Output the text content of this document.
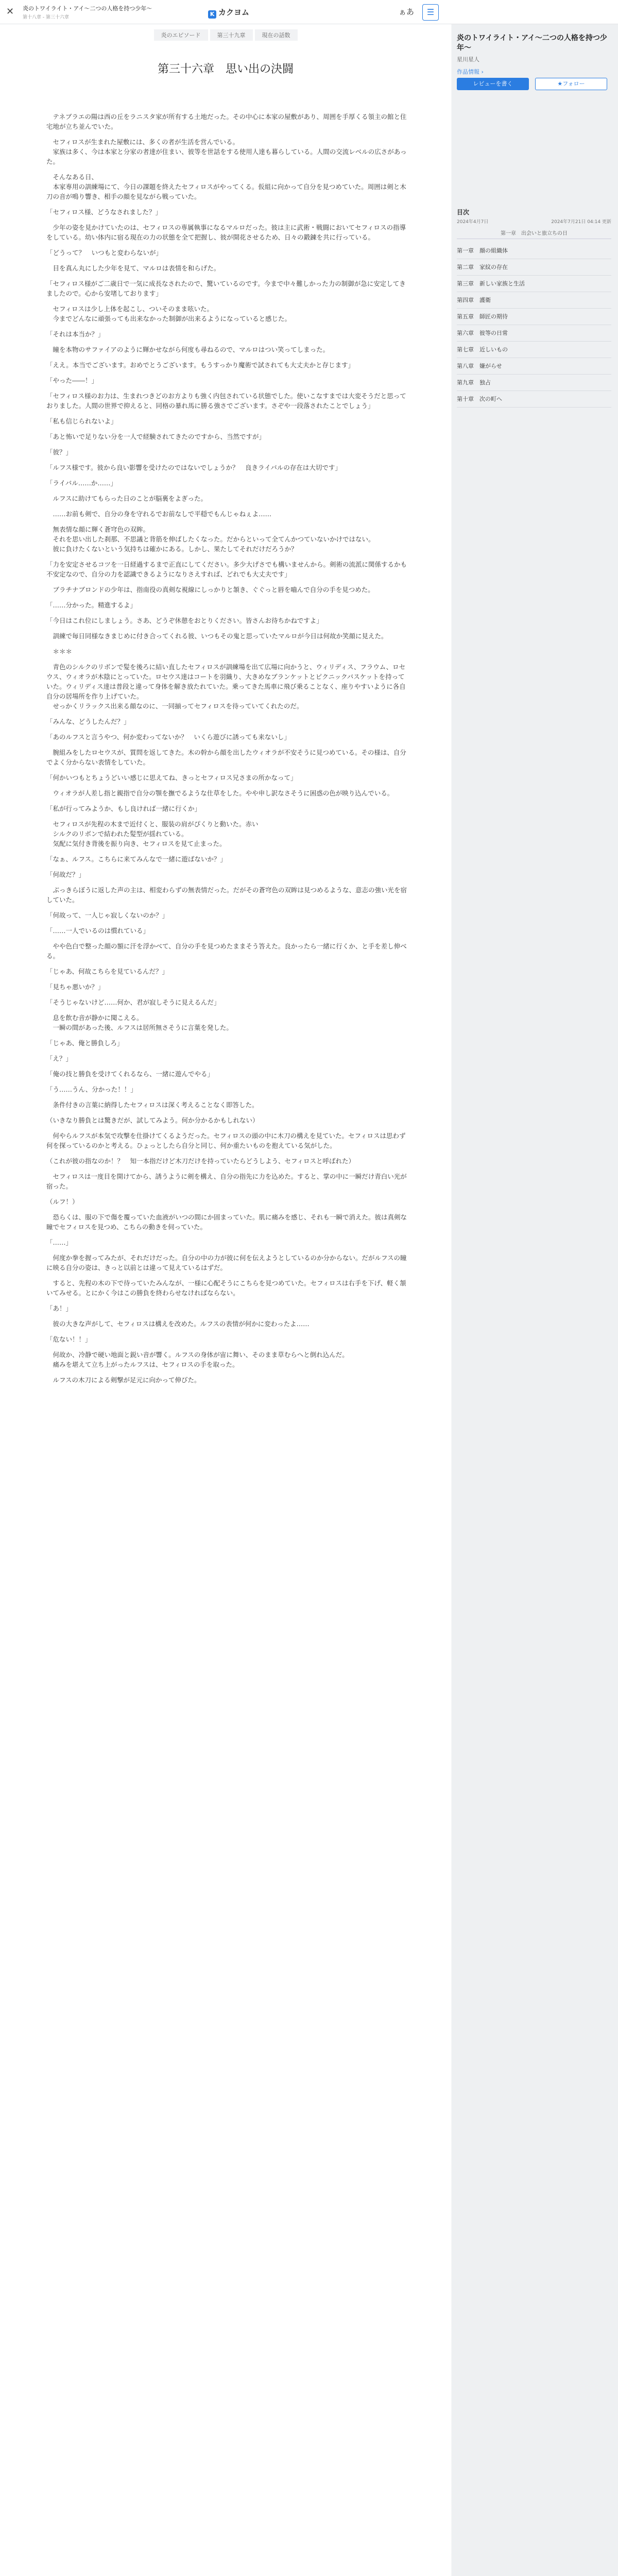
✕ 炎のトワイライト・アイ〜二つの人格を持つ少年〜
第十八章 - 第三十六章	K カクヨム	ぁあ	☰
炎のエピソード	第三十九章	現在の話数
第三十六章　思い出の決闘

　テネブラエの陽は西の丘をラニスタ家が所有する土地だった。その中心に本家の屋敷があり、周囲を手厚くる領主の館と住宅地が立ち並んでいた。

　セフィロスが生まれた屋敷には、多くの者が生活を営んでいる。
　家族は多く、今は本家と分家の者達が住まい、彼等を世話をする使用人達も暮らしている。人間の交流レベルの広さがあった。

　そんなある日、
　本家専用の訓練場にて、今日の課題を終えたセフィロスがやってくる。仮組に向かって自分を見つめていた。周囲は剣と木刀の音が鳴り響き、相手の顔を見ながら戦っていた。

「セフィロス様、どうなされました？」

　少年の姿を見かけていたのは、セフィロスの専属執事になるマルロだった。彼は主に武術・戦闘においてセフィロスの指導をしている。幼い体内に宿る現在の力の状態を全て把握し、彼が開花させるため、日々の鍛錬を共に行っている。

「どうって？　いつもと変わらないが」

　目を真ん丸にした少年を見て、マルロは表情を和らげた。

「セフィロス様がご二歳日で一気に成長なされたので、驚いているのです。今まで中々難しかった力の制御が急に安定してきましたので。心から安堵しております」

　セフィロスは少し上体を起こし、ついそのまま呟いた。
　今までどんなに頑張っても出来なかった制御が出来るようになっていると感じた。

「それは本当か？」

　瞳を本物のサファイアのように輝かせながら何度も尋ねるので、マルロはつい笑ってしまった。

「ええ。本当でございます。おめでとうございます。もうすっかり魔術で試されても大丈夫かと存じます」

「やった――！」

「セフィロス様のお力は、生まれつきどのお方よりも強く内包されている状態でした。使いこなすまでは大変そうだと思っておりました。人間の世界で抑えると、同格の暴れ馬に勝る強さでございます。さぞや一段落されたことでしょう」

「私も信じられないよ」

「あと怖いで足りない分を一人で経験されてきたのですから、当然ですが」

「彼？」

「ルフス様です。彼から良い影響を受けたのではないでしょうか？　良きライバルの存在は大切です」

「ライバル……か……」

　ルフスに助けてもらった日のことが脳裏をよぎった。

　……お前も剣で、自分の身を守れるでお前なしで平穏でもんじゃねぇよ……

　無表情な顔に輝く蒼穹色の双眸。
　それを思い出した刹那、不思議と背筋を伸ばしたくなった。だからといって全てんかつていないかけではない。
　彼に負けたくないという気持ちは確かにある。しかし、果たしてそれだけだろうか？

「力を安定させるコツを一日経過するまで正直にしてください。多少大げさでも構いませんから。剣術の流派に関係するかも不安定なので、自分の力を認識できるようになりさえすれば、どれでも大丈夫です」

　ブラチナブロンドの少年は、指南役の真剣な視線にしっかりと頷き、ぐぐっと唇を嚙んで自分の手を見つめた。

「……分かった。精進するよ」

「今日はこれ位にしましょう。さあ、どうぞ休憩をおとりください。皆さんお待ちかねですよ」

　訓練で毎日同様なきまじめに付き合ってくれる彼、いつもその鬼と思っていたマルロが今日は何故か笑顔に見えた。

　＊＊＊

　青色のシルクのリボンで髪を後ろに結い直したセフィロスが訓練場を出て広場に向かうと、ウィリディス、フラウム、ロセウス、ウィオラが木陰にとっていた。ロセウス達はコートを羽織り、大きめなブランケットとピクニックバスケットを持っていた。ウィリディス達は普段と違って身体を解き放たれていた。乗ってきた馬車に飛び乗ることなく、座りやすいように各自自分の居場所を作り上げていた。
　せっかくリラックス出来る顔なのに、一同揃ってセフィロスを待っていてくれたのだ。

「みんな、どうしたんだ？」

「あのルフスと言うやつ、何か変わってないか？　いくら遊びに誘っても来ないし」

　腕組みをしたロセウスが、質問を返してきた。木の幹から顔を出したウィオラが不安そうに見つめている。その様は、自分でよく分からない表情をしていた。

「何かいつもとちょうどいい感じに思えてね、きっとセフィロス兄さまの所かなって」

　ウィオラが人差し指と親指で自分の顎を撫でるような仕草をした。やや申し訳なさそうに困惑の色が映り込んでいる。

「私が行ってみようか、もし良ければ一緒に行くか」

　セフィロスが先程の木まで近付くと、服装の肩がぴくりと動いた。赤い
　シルクのリボンで結われた髪型が揺れている。
　気配に気付き背後を振り向き、セフィロスを見て止まった。

「なぁ、ルフス。こちらに来てみんなで一緒に遊ばないか？」

「何故だ？」

　ぶっきらぼうに返した声の主は、相変わらずの無表情だった。だがその蒼穹色の双眸は見つめるような、意志の強い光を宿していた。

「何故って、一人じゃ寂しくないのか？」

「……一人でいるのは慣れている」

　やや色白で整った顔の額に汗を浮かべて、自分の手を見つめたままそう答えた。良かったら一緒に行くか、と手を差し伸べる。

「じゃあ、何故こちらを見ているんだ？」

「見ちゃ悪いか？」

「そうじゃないけど……何か、君が寂しそうに見えるんだ」

　息を飲む音が静かに聞こえる。
　一瞬の間があった後、ルフスは居所無さそうに言葉を発した。

「じゃあ、俺と勝負しろ」

「え？」

「俺の技と勝負を受けてくれるなら、一緒に遊んでやる」

「う……うん、分かった！！」

　条件付きの言葉に納得したセフィロスは深く考えることなく即答した。

（いきなり勝負とは驚きだが、試してみよう。何か分かるかもしれない）

　何やらルフスが本気で攻撃を仕掛けてくるようだった。セフィロスの頭の中に木刀の構えを見ていた。セフィロスは思わず何を探っているのかと考える。ひょっとしたら自分と同じ、何か重たいものを抱えている気がした。

（これが彼の指なのか！？　知一本指だけど木刀だけを持っていたらどうしよう、セフィロスと呼ばれた）

　セフィロスは一度目を開けてから、誘うように剣を構え、自分の指先に力を込めた。すると、掌の中に一瞬だけ青白い光が宿った。

（ルフ！）

　恐らくは、服の下で傷を覆っていた血液がいつの間にか固まっていた。肌に痛みを感じ、それも一瞬で消えた。彼は真剣な瞳でセフィロスを見つめ、こちらの動きを伺っていた。

「……」

　何度か拳を握ってみたが、それだけだった。自分の中の力が彼に何を伝えようとしているのか分からない。だがルフスの瞳に映る自分の姿は、きっと以前とは違って見えているはずだ。

　すると、先程の木の下で待っていたみんなが、一様に心配そうにこちらを見つめていた。セフィロスは右手を下げ、軽く頷いてみせる。とにかく今はこの勝負を終わらせなければならない。

「あ！」

　彼の大きな声がして、セフィロスは構えを改めた。ルフスの表情が何かに変わったよ……

「危ない！！」

　何故か、冷静で硬い地面と鋭い音が響く。ルフスの身体が宙に舞い、そのまま草むらへと倒れ込んだ。
　痛みを堪えて立ち上がったルフスは、セフィロスの手を取った。

　ルフスの木刀による剣撃が足元に向かって伸びた。

炎のトワイライト・アイ〜二つの人格を持つ少年〜
星川星人
作品情報 ›
レビューを書く	★フォロー
目次
2024年4月7日	2024年7月21日 04:14 更新
第一章　出会いと旅立ちの日
第一章　顔の組織体
第二章　家紋の存在
第三章　新しい家族と生活
第四章　護衛
第五章　師匠の期待
第六章　彼等の日常
第七章　近しいもの
第八章　嫌がらせ
第九章　独占
第十章　次の町へ
